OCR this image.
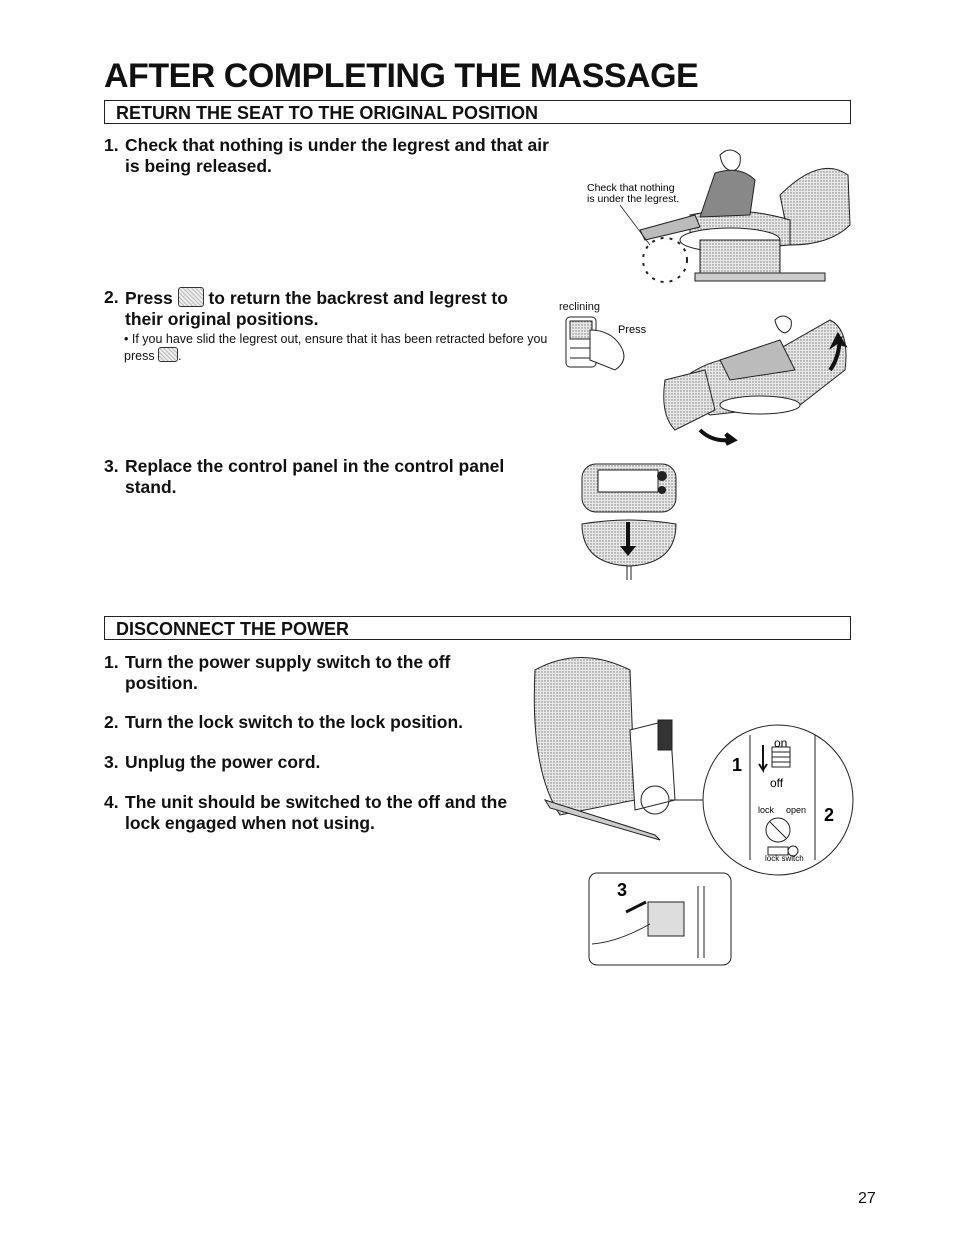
AFTER COMPLETING THE MASSAGE
RETURN THE SEAT TO THE ORIGINAL POSITION
1. Check that nothing is under the legrest and that air is being released.
2. Press to return the backrest and legrest to their original positions.
• If you have slid the legrest out, ensure that it has been retracted before you press .
3. Replace the control panel in the control panel stand.
Check that nothing is under the legrest.
reclining
Press
DISCONNECT THE POWER
1. Turn the power supply switch to the off position.
2. Turn the lock switch to the lock position.
3. Unplug the power cord.
4. The unit should be switched to the off and the lock engaged when not using.
1
2
on
off
lock open
lock switch
3
27
